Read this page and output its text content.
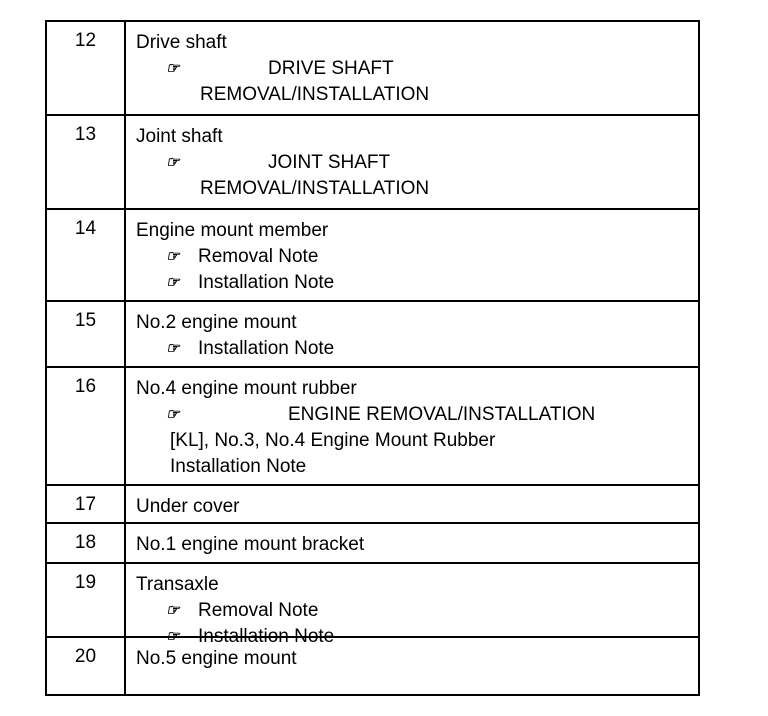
12	Drive shaft
☞	DRIVE SHAFT
REMOVAL/INSTALLATION
13	Joint shaft
☞	JOINT SHAFT
REMOVAL/INSTALLATION
14	Engine mount member
☞ Removal Note
☞ Installation Note
15	No.2 engine mount
☞ Installation Note
16	No.4 engine mount rubber
☞	ENGINE REMOVAL/INSTALLATION
[KL], No.3, No.4 Engine Mount Rubber
Installation Note
17	Under cover
18	No.1 engine mount bracket
19	Transaxle
☞ Removal Note
☞ Installation Note
20	No.5 engine mount
